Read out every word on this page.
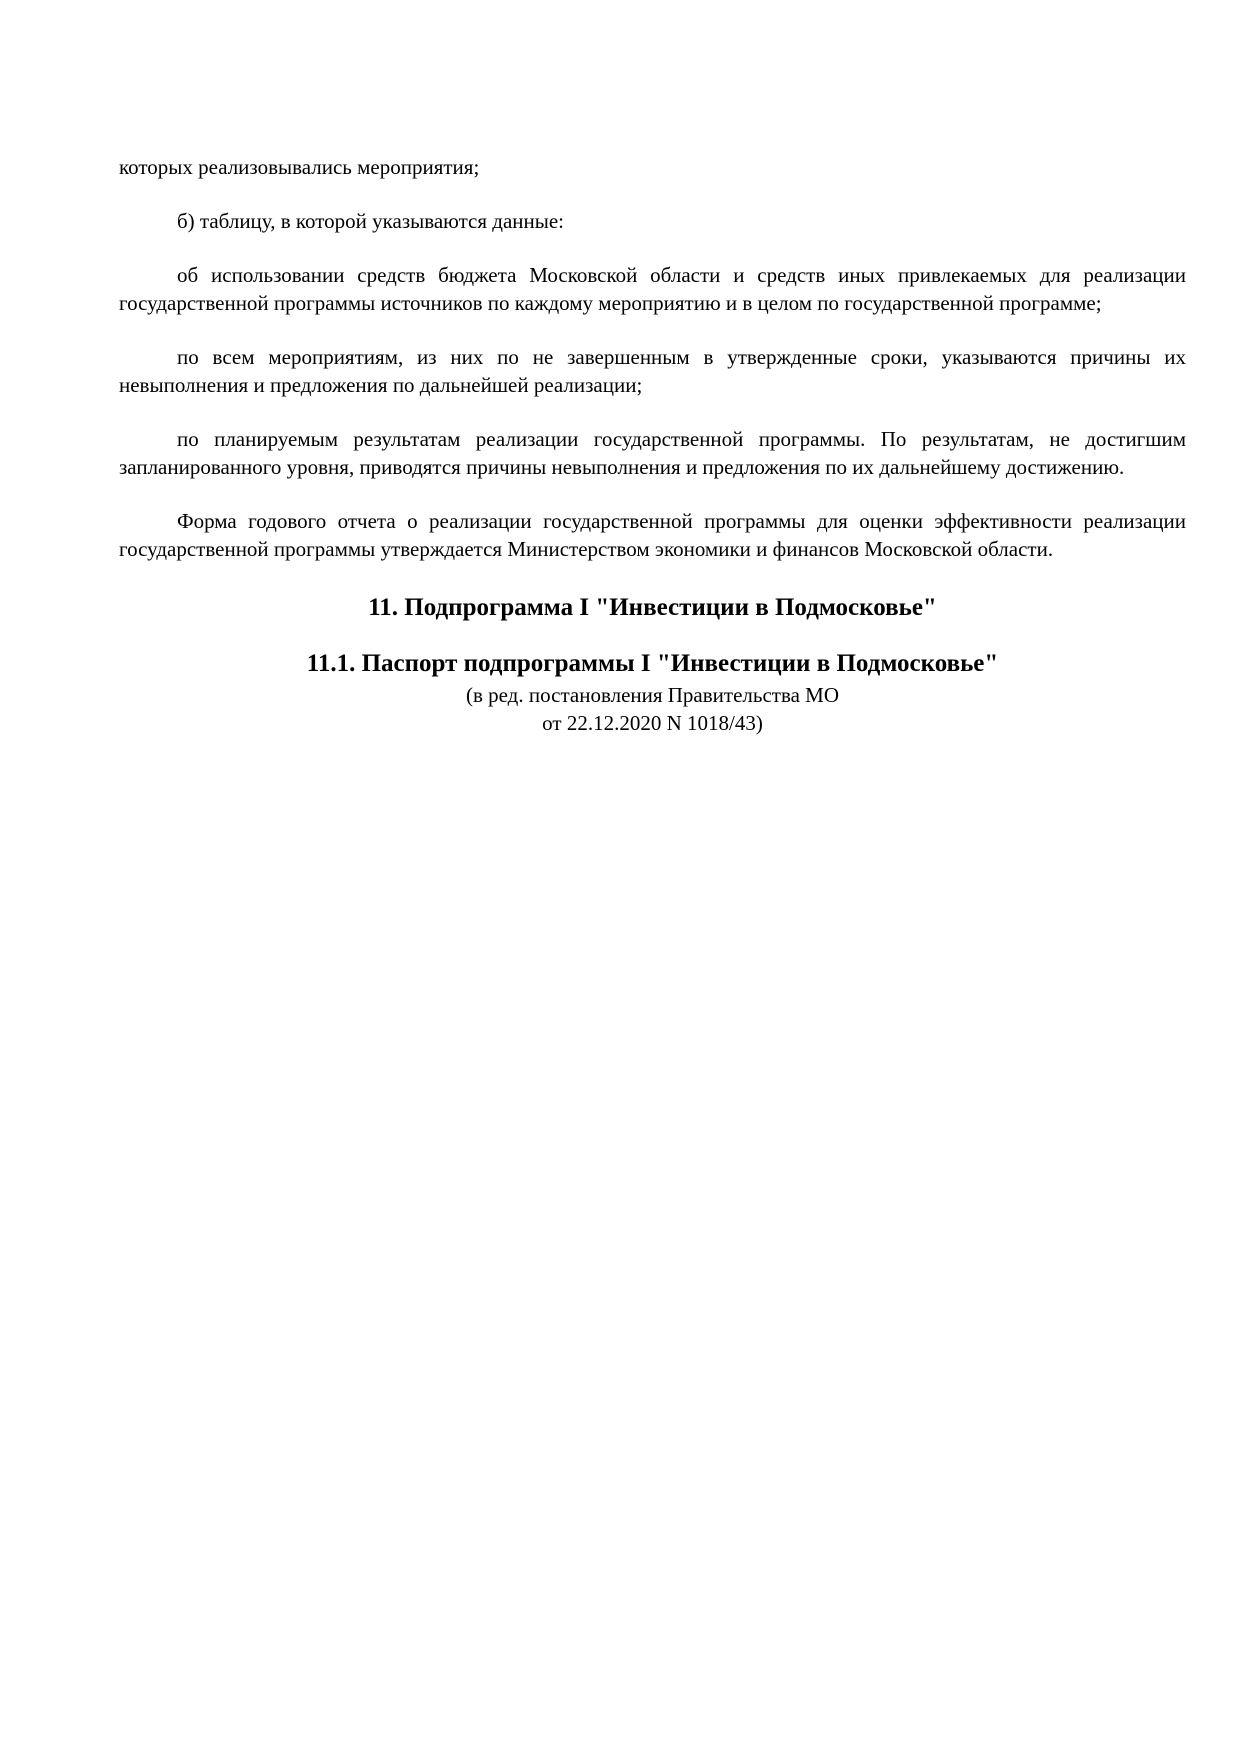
которых реализовывались мероприятия;

б) таблицу, в которой указываются данные:

об использовании средств бюджета Московской области и средств иных привлекаемых для реализации государственной программы источников по каждому мероприятию и в целом по государственной программе;

по всем мероприятиям, из них по не завершенным в утвержденные сроки, указываются причины их невыполнения и предложения по дальнейшей реализации;

по планируемым результатам реализации государственной программы. По результатам, не достигшим запланированного уровня, приводятся причины невыполнения и предложения по их дальнейшему достижению.

Форма годового отчета о реализации государственной программы для оценки эффективности реализации государственной программы утверждается Министерством экономики и финансов Московской области.

11. Подпрограмма I "Инвестиции в Подмосковье"
11.1. Паспорт подпрограммы I "Инвестиции в Подмосковье"

(в ред. постановления Правительства МО

от 22.12.2020 N 1018/43)
